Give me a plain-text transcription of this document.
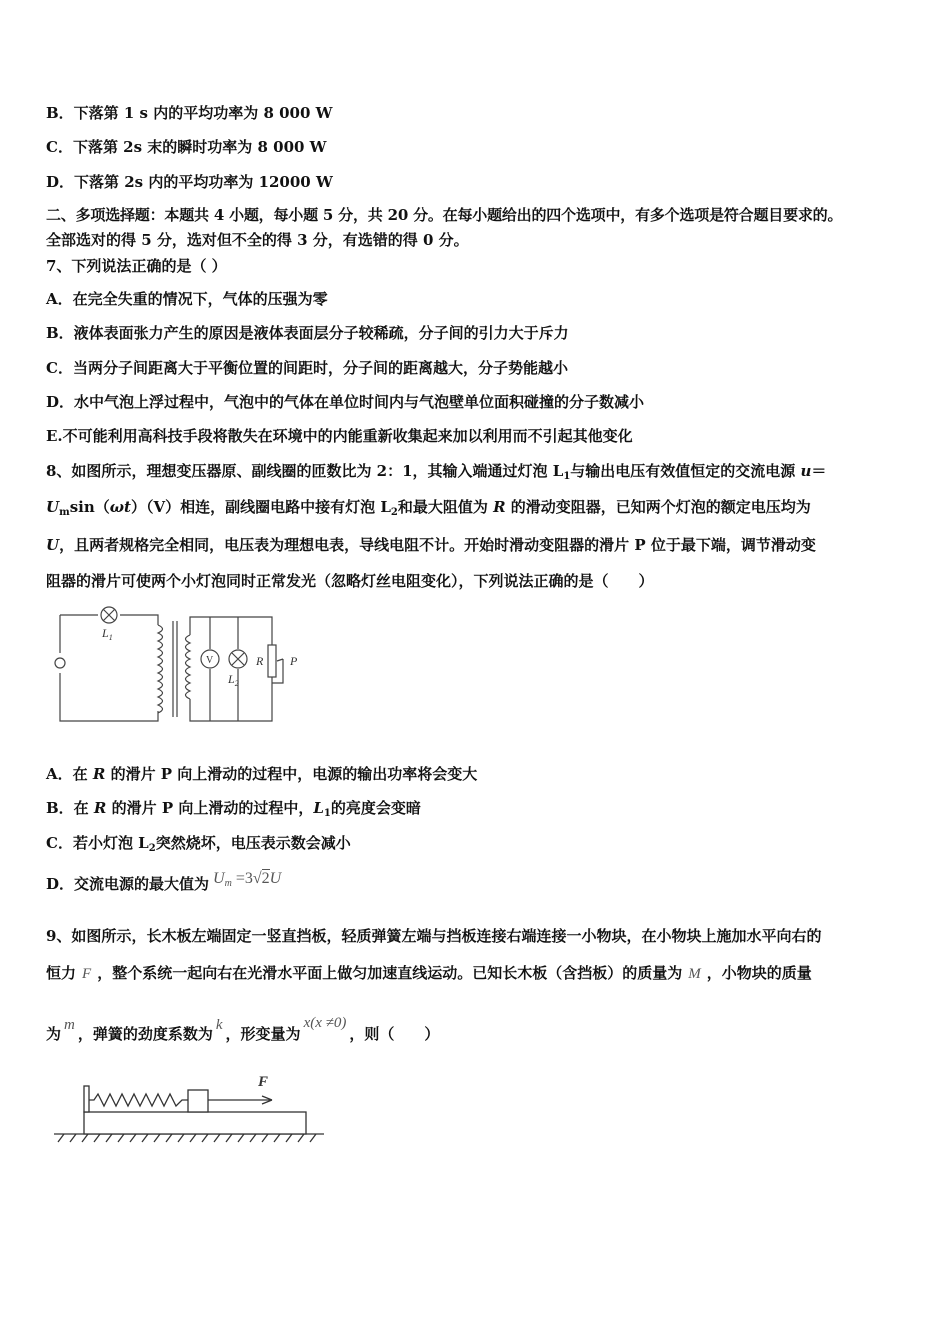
B．下落第 1 s 内的平均功率为 8 000 W
C．下落第 2s 末的瞬时功率为 8 000 W
D．下落第 2s 内的平均功率为 12000 W
二、多项选择题：本题共 4 小题，每小题 5 分，共 20 分。在每小题给出的四个选项中，有多个选项是符合题目要求的。
全部选对的得 5 分，选对但不全的得 3 分，有选错的得 0 分。
7、下列说法正确的是（ ）
A．在完全失重的情况下，气体的压强为零
B．液体表面张力产生的原因是液体表面层分子较稀疏，分子间的引力大于斥力
C．当两分子间距离大于平衡位置的间距时，分子间的距离越大，分子势能越小
D．水中气泡上浮过程中，气泡中的气体在单位时间内与气泡壁单位面积碰撞的分子数减小
E.不可能利用高科技手段将散失在环境中的内能重新收集起来加以利用而不引起其他变化
8、如图所示，理想变压器原、副线圈的匝数比为 2：1，其输入端通过灯泡 $L_1$与输出电压有效值恒定的交流电源 u＝
$U_m\sin(\omega t)(V)$相连，副线圈电路中接有灯泡 $L_2$和最大阻值为 R 的滑动变阻器，已知两个灯泡的额定电压均为
U，且两者规格完全相同，电压表为理想电表，导线电阻不计。开始时滑动变阻器的滑片 P 位于最下端，调节滑动变
阻器的滑片可使两个小灯泡同时正常发光（忽略灯丝电阻变化），下列说法正确的是（　　）
$L_1$
V
$L_2$
R P
A．在 R 的滑片 P 向上滑动的过程中，电源的输出功率将会变大
B．在 R 的滑片 P 向上滑动的过程中，$L_1$的亮度会变暗
C．若小灯泡 $L_2$突然烧坏，电压表示数会减小
D．交流电源的最大值为 $U_m =3√2U$
9、如图所示，长木板左端固定一竖直挡板，轻质弹簧左端与挡板连接右端连接一小物块，在小物块上施加水平向右的
恒力 F ，整个系统一起向右在光滑水平面上做匀加速直线运动。已知长木板（含挡板）的质量为 M ，小物块的质量
为 m ，弹簧的劲度系数为 k ，形变量为x(x ≠0)，则（　　）
F
